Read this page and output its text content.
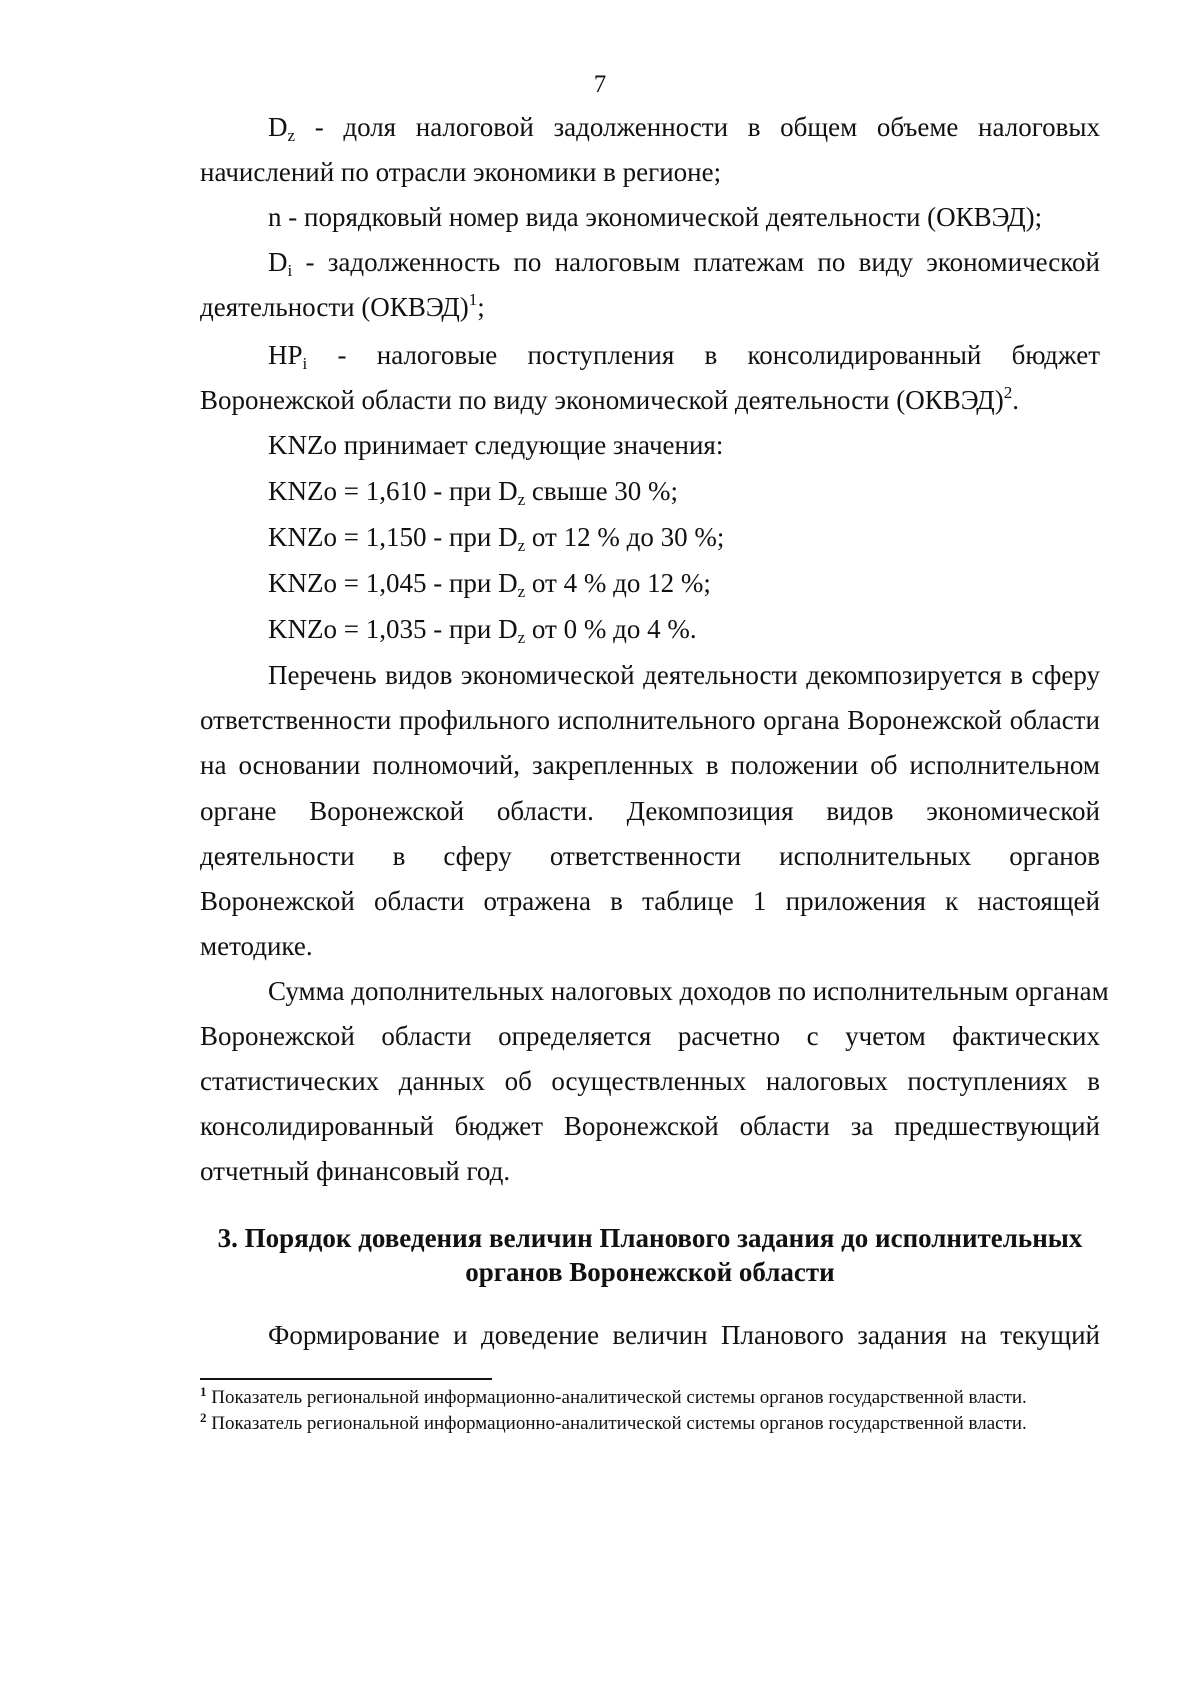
7
$D_z$ - доля налоговой задолженности в общем объеме налоговых
начислений по отрасли экономики в регионе;
n - порядковый номер вида экономической деятельности (ОКВЭД);
$D_i$ - задолженность по налоговым платежам по виду экономической
деятельности (ОКВЭД)$^1$;
$HP_i$ - налоговые поступления в консолидированный бюджет
Воронежской области по виду экономической деятельности (ОКВЭД)$^2$.
KNZo принимает следующие значения:
KNZo = 1,610 - при $D_z$ свыше 30 %;
KNZo = 1,150 - при $D_z$ от 12 % до 30 %;
KNZo = 1,045 - при $D_z$ от 4 % до 12 %;
KNZo = 1,035 - при $D_z$ от 0 % до 4 %.
Перечень видов экономической деятельности декомпозируется в сферу
ответственности профильного исполнительного органа Воронежской области
на основании полномочий, закрепленных в положении об исполнительном
органе Воронежской области. Декомпозиция видов экономической
деятельности в сферу ответственности исполнительных органов
Воронежской области отражена в таблице 1 приложения к настоящей
методике.
Сумма дополнительных налоговых доходов по исполнительным органам
Воронежской области определяется расчетно с учетом фактических
статистических данных об осуществленных налоговых поступлениях в
консолидированный бюджет Воронежской области за предшествующий
отчетный финансовый год.
3. Порядок доведения величин Планового задания до исполнительных
органов Воронежской области
Формирование и доведение величин Планового задания на текущий
$^1$ Показатель региональной информационно-аналитической системы органов государственной власти.
$^2$ Показатель региональной информационно-аналитической системы органов государственной власти.
